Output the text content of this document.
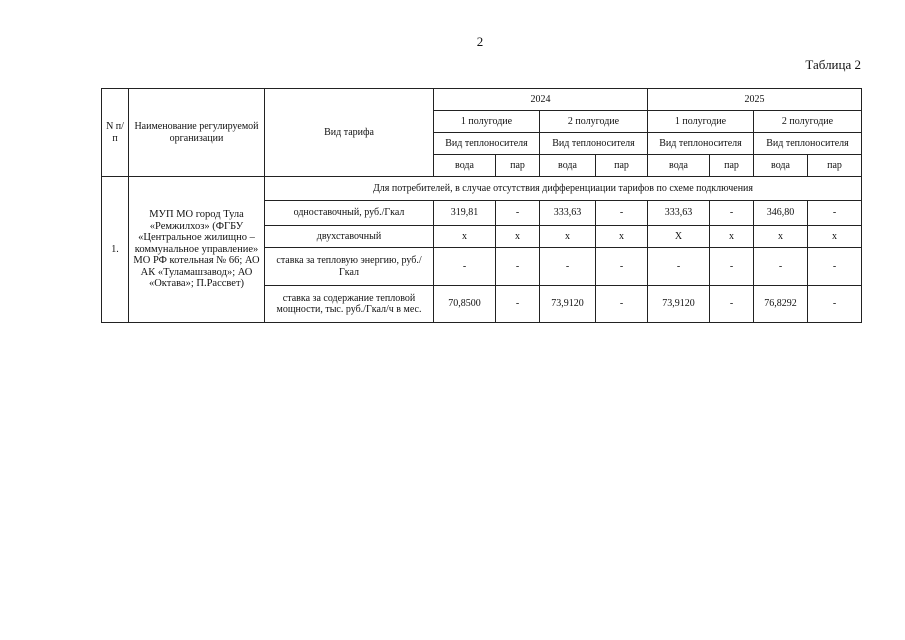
2
Таблица 2
N п/п	Наименование регулируемой организации	Вид тарифа	2024				2025			
			1 полугодие		2 полугодие		1 полугодие		2 полугодие	
			Вид теплоносителя		Вид теплоносителя		Вид теплоносителя		Вид теплоносителя	
			вода	пар	вода	пар	вода	пар	вода	пар
1.	МУП МО город Тула «Ремжилхоз» (ФГБУ «Центральное жилищно – коммунальное управление» МО РФ котельная № 66; АО АК «Туламашзавод»; АО «Октава»; П.Рассвет)	Для потребителей, в случае отсутствия дифференциации тарифов по схеме подключения								
		одноставочный, руб./Гкал	319,81	-	333,63	-	333,63	-	346,80	-
		двухставочный	х	х	х	х	Х	х	х	х
		ставка за тепловую энергию, руб./Гкал	-	-	-	-	-	-	-	-
		ставка за содержание тепловой мощности, тыс. руб./Гкал/ч в мес.	70,8500	-	73,9120	-	73,9120	-	76,8292	-
